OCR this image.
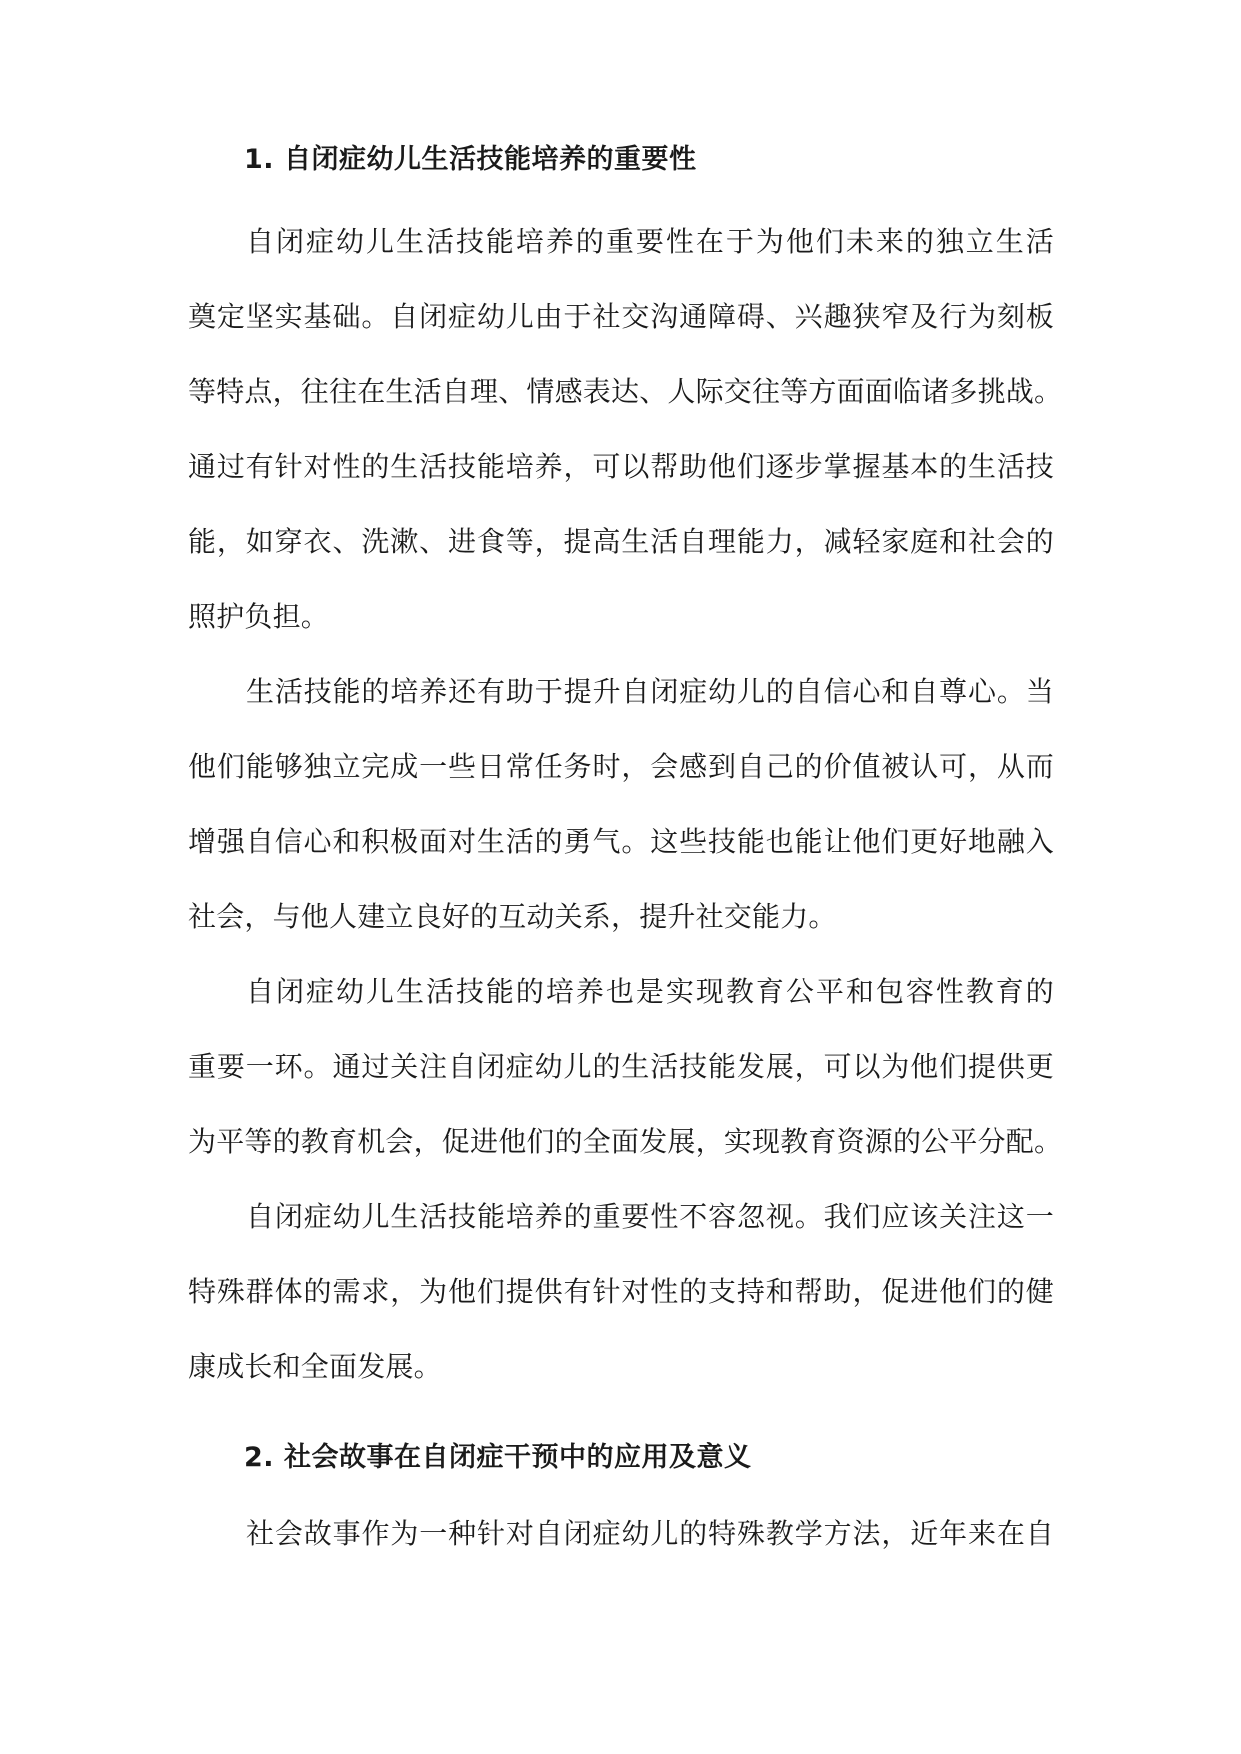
1. 自闭症幼儿生活技能培养的重要性

自闭症幼儿生活技能培养的重要性在于为他们未来的独立生活
奠定坚实基础。自闭症幼儿由于社交沟通障碍、兴趣狭窄及行为刻板
等特点，往往在生活自理、情感表达、人际交往等方面面临诸多挑战。
通过有针对性的生活技能培养，可以帮助他们逐步掌握基本的生活技
能，如穿衣、洗漱、进食等，提高生活自理能力，减轻家庭和社会的
照护负担。

生活技能的培养还有助于提升自闭症幼儿的自信心和自尊心。当
他们能够独立完成一些日常任务时，会感到自己的价值被认可，从而
增强自信心和积极面对生活的勇气。这些技能也能让他们更好地融入
社会，与他人建立良好的互动关系，提升社交能力。

自闭症幼儿生活技能的培养也是实现教育公平和包容性教育的
重要一环。通过关注自闭症幼儿的生活技能发展，可以为他们提供更
为平等的教育机会，促进他们的全面发展，实现教育资源的公平分配。

自闭症幼儿生活技能培养的重要性不容忽视。我们应该关注这一
特殊群体的需求，为他们提供有针对性的支持和帮助，促进他们的健
康成长和全面发展。

2. 社会故事在自闭症干预中的应用及意义

社会故事作为一种针对自闭症幼儿的特殊教学方法，近年来在自
